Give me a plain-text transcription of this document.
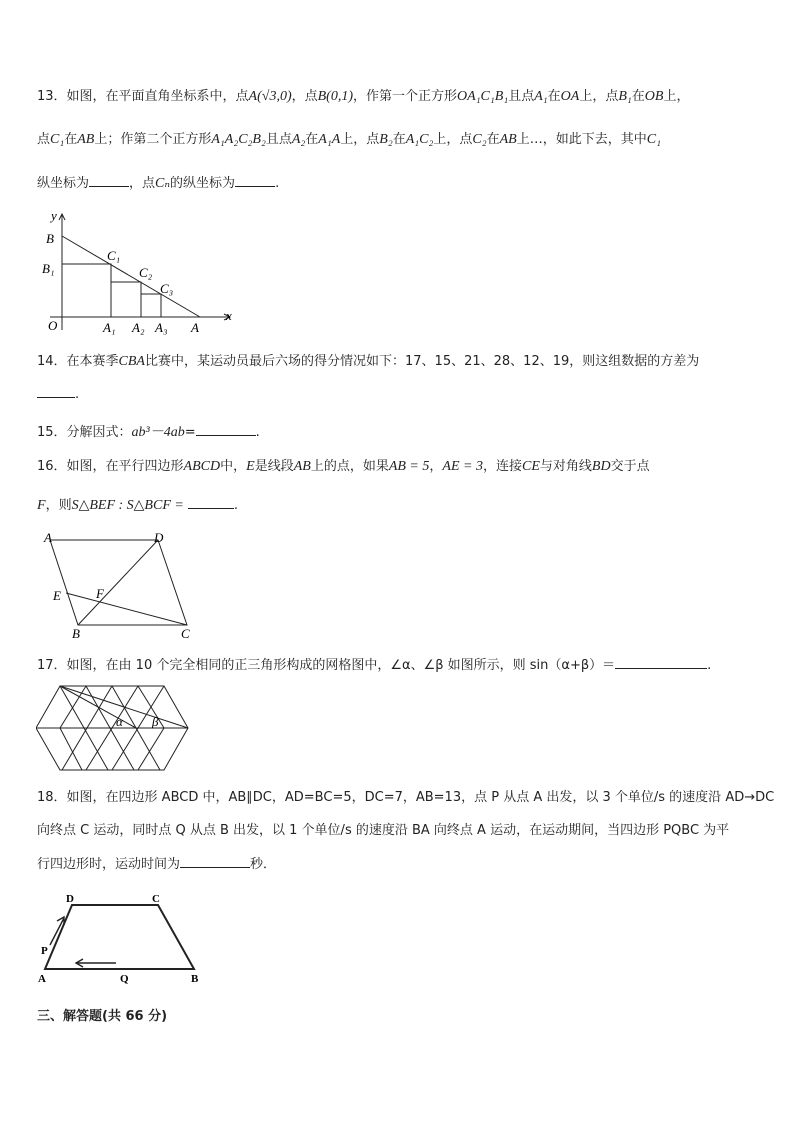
13．如图，在平面直角坐标系中，点A(√3,0)，点B(0,1)，作第一个正方形OA₁C₁B₁且点A₁在OA上，点B₁在OB上，
点C₁在AB上；作第二个正方形A₁A₂C₂B₂且点A₂在A₁A上，点B₂在A₁C₂上，点C₂在AB上…，如此下去，其中C₁
纵坐标为	，点Cₙ的纵坐标为	.
y
x
B
B₁
O
C₁
C₂
C₃
A₁ A₂ A₃ A
14．在本赛季CBA比赛中，某运动员最后六场的得分情况如下：17、15、21、28、12、19，则这组数据的方差为
.
15．分解因式：ab³－4ab=	.
16．如图，在平行四边形ABCD中，E是线段AB上的点，如果AB = 5，AE = 3，连接CE与对角线BD交于点
F，则S△BEF : S△BCF =	.
A	D
E	F
B	C
17．如图，在由 10 个完全相同的正三角形构成的网格图中，∠α、∠β 如图所示，则 sin（α+β）＝	.
α β
18．如图，在四边形 ABCD 中，AB∥DC，AD=BC=5，DC=7，AB=13，点 P 从点 A 出发，以 3 个单位/s 的速度沿 AD→DC
向终点 C 运动，同时点 Q 从点 B 出发，以 1 个单位/s 的速度沿 BA 向终点 A 运动，在运动期间，当四边形 PQBC 为平
行四边形时，运动时间为	秒．
D	C
P
A	Q	B
三、解答题(共 66 分)
